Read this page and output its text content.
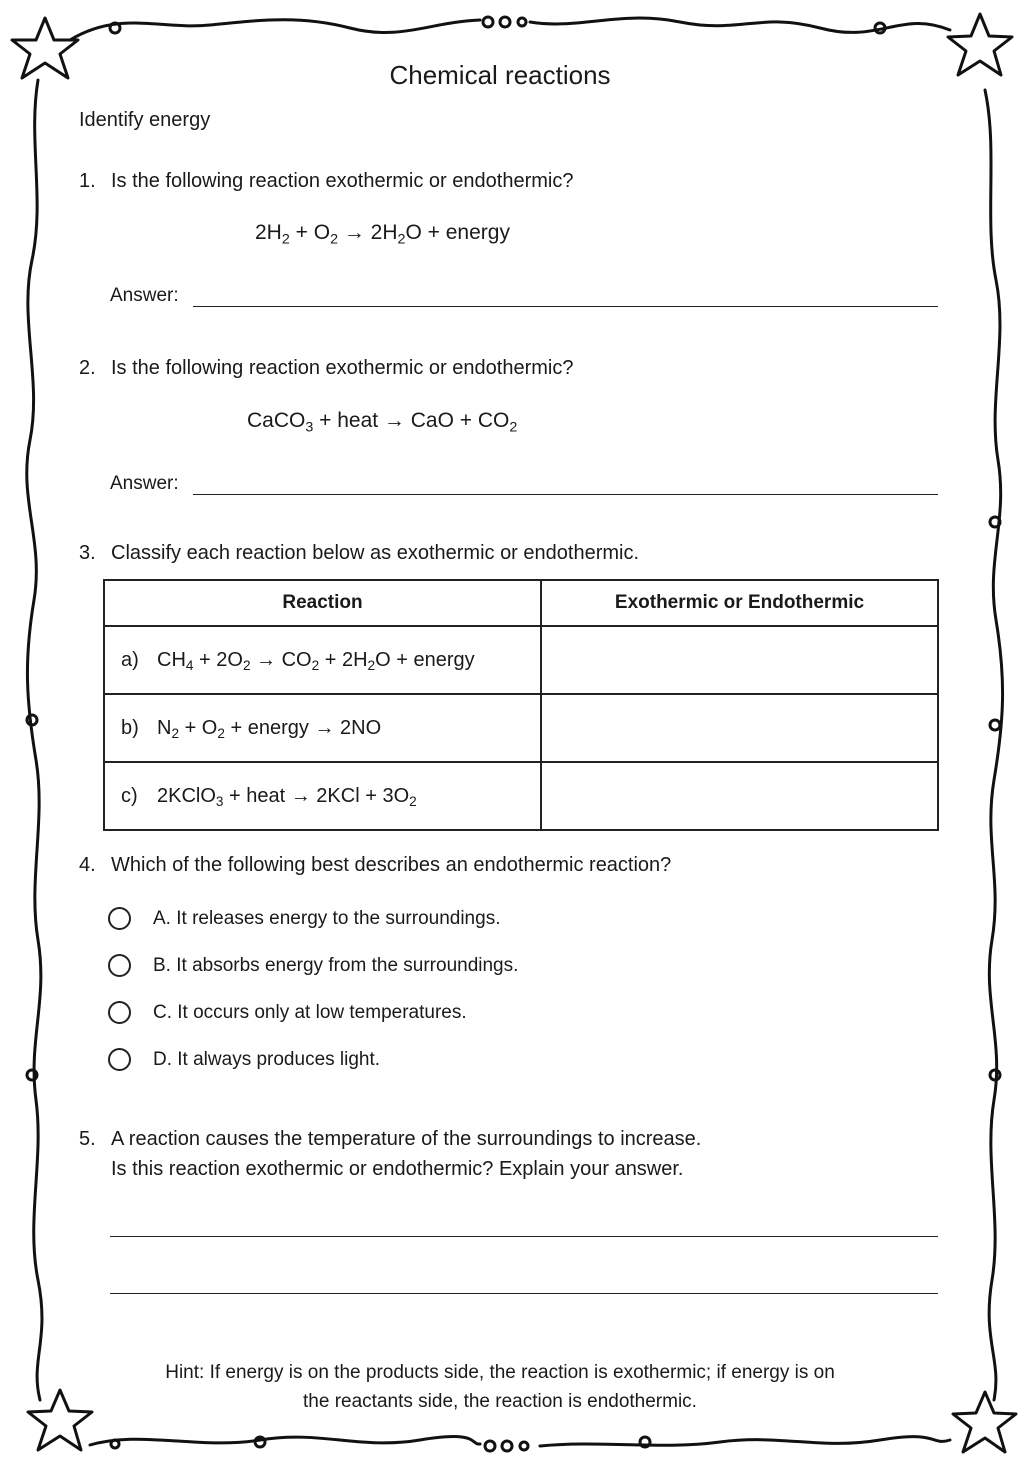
Chemical reactions
Identify energy
1. Is the following reaction exothermic or endothermic?
$2H_2 + O_2 \to 2H_2O$ + energy
Answer:
2. Is the following reaction exothermic or endothermic?
CaCO$_3$ + heat → CaO + $CO_2$
Answer:
3. Classify each reaction below as exothermic or endothermic.
Reaction	Exothermic or Endothermic
a) $CH_4 + 2O_2 \to CO_2 + 2H_2O$ + energy	
b) $N_2 + O_2$ + energy → 2NO	
c) 2KClO$_3$ + heat → $2KCl + 3O_2$	
4. Which of the following best describes an endothermic reaction?
A. It releases energy to the surroundings.
B. It absorbs energy from the surroundings.
C. It occurs only at low temperatures.
D. It always produces light.
5. A reaction causes the temperature of the surroundings to increase.
Is this reaction exothermic or endothermic? Explain your answer.
Hint: If energy is on the products side, the reaction is exothermic; if energy is on
the reactants side, the reaction is endothermic.
